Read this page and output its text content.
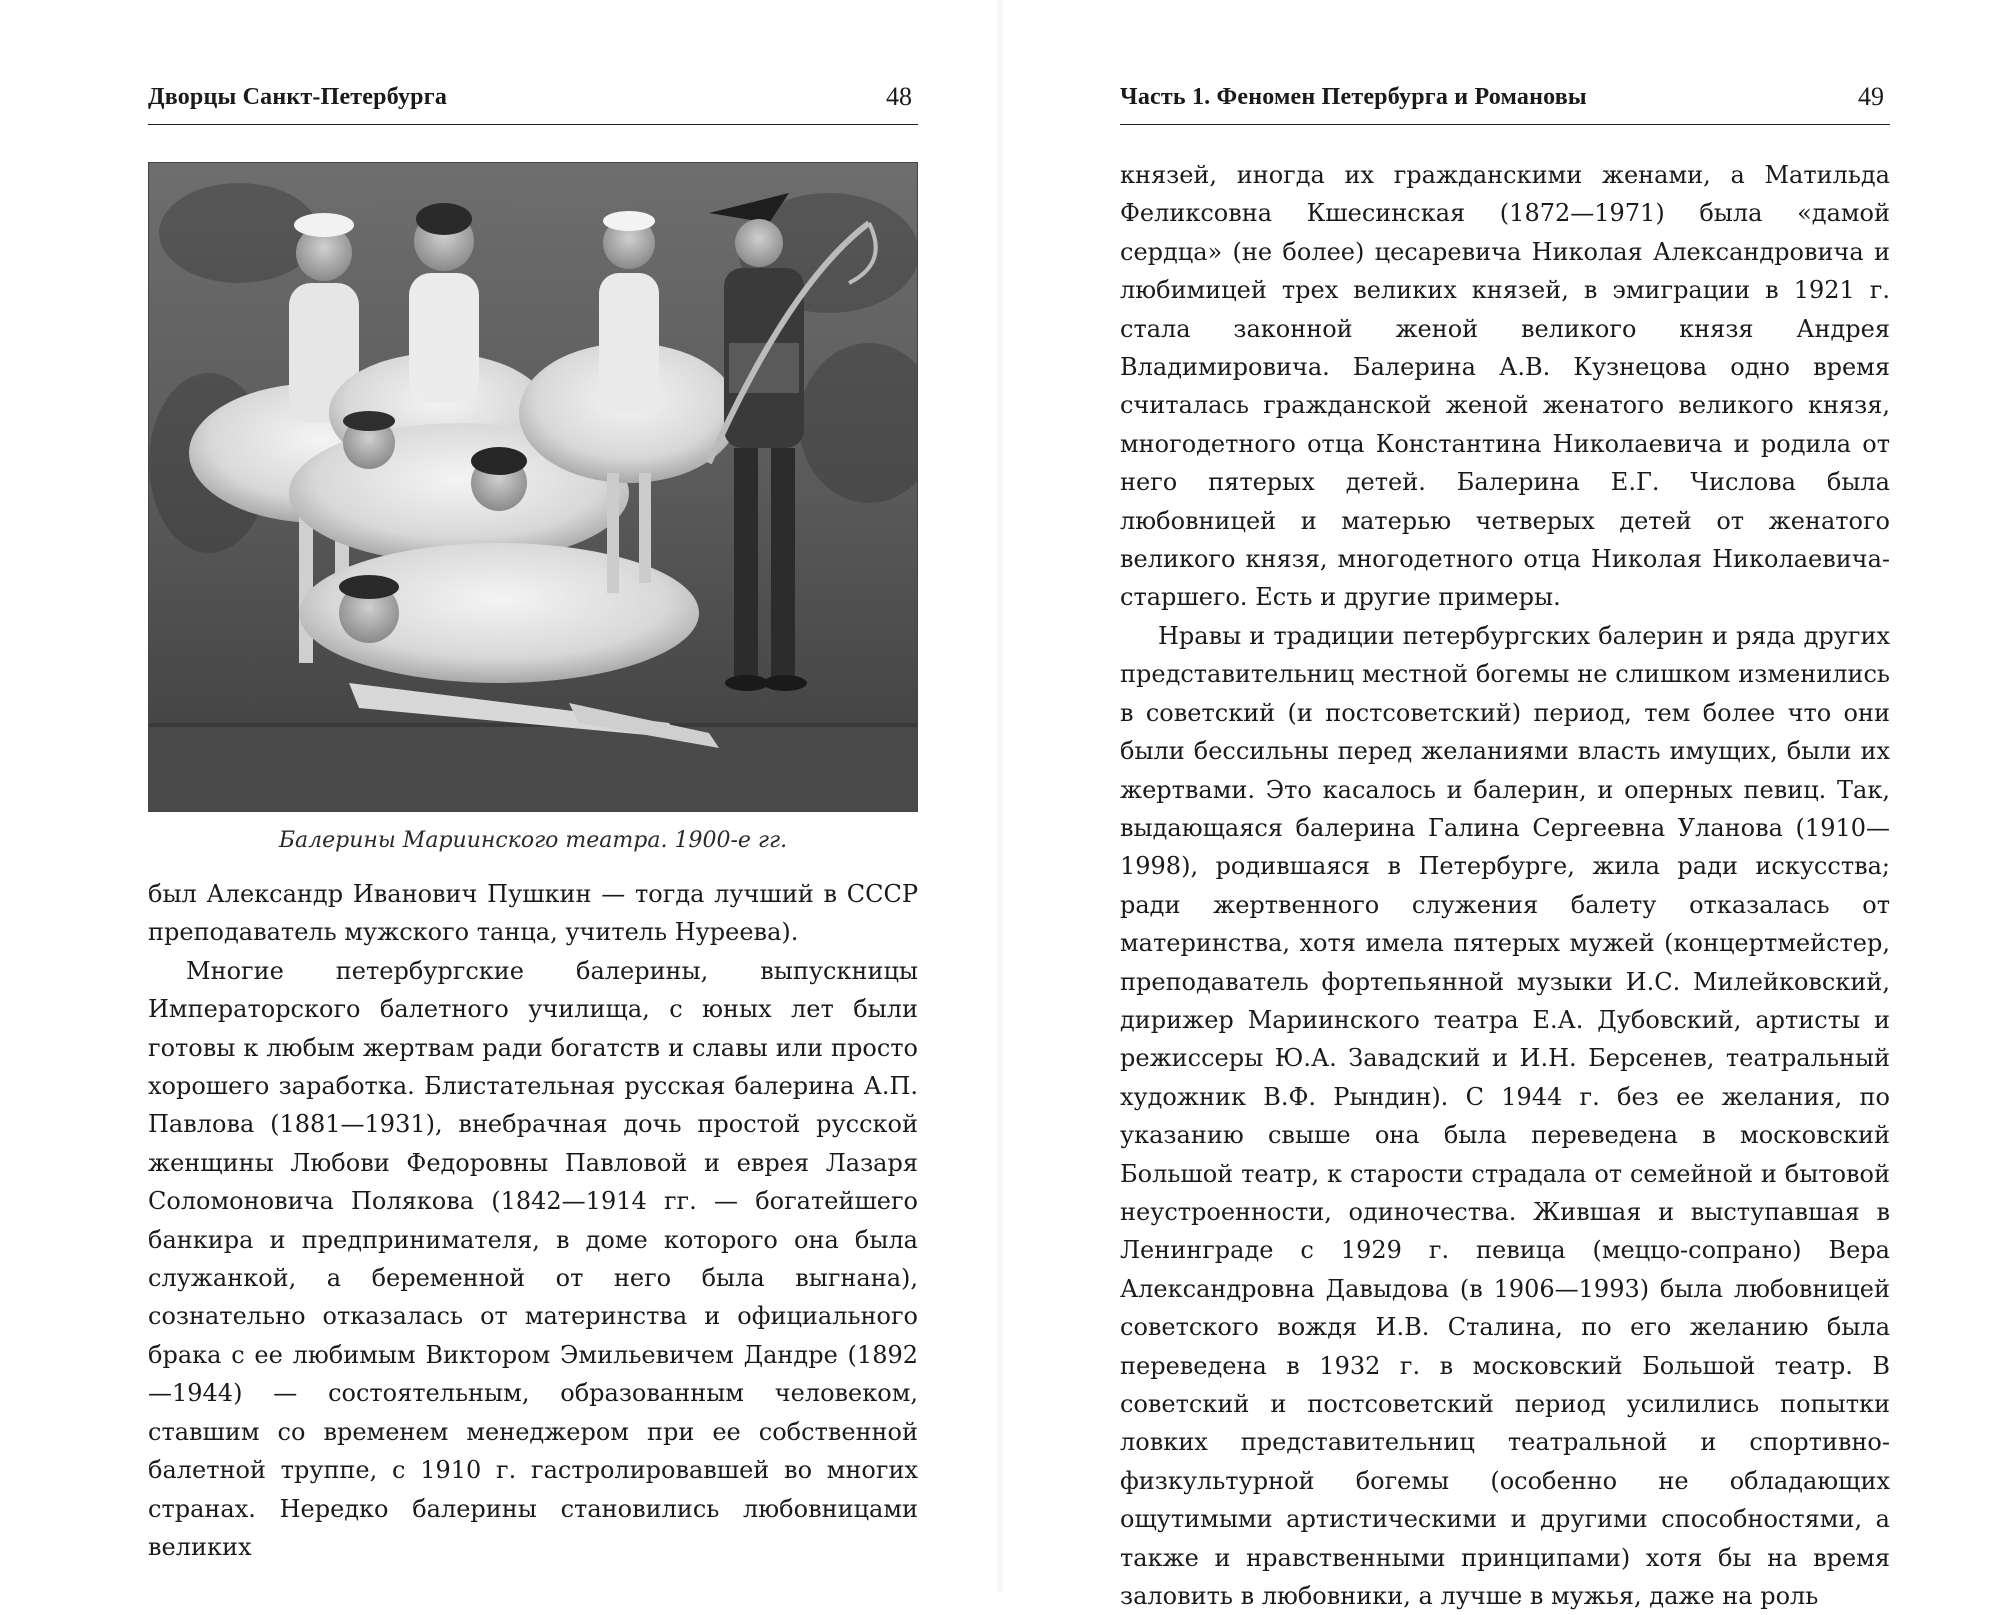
Дворцы Санкт-Петербурга	48
Балерины Мариинского театра. 1900-е гг.

был Александр Иванович Пушкин — тогда лучший в СССР преподаватель мужского танца, учитель Нуреева).

Многие петербургские балерины, выпускницы Императорского балетного училища, с юных лет были готовы к любым жертвам ради богатств и славы или просто хорошего заработка. Блистательная русская балерина А.П. Павлова (1881—1931), внебрачная дочь простой русской женщины Любови Федоровны Павловой и еврея Лазаря Соломоновича Полякова (1842—1914 гг. — богатейшего банкира и предпринимателя, в доме которого она была служанкой, а беременной от него была выгнана), сознательно отказалась от материнства и официального брака с ее любимым Виктором Эмильевичем Дандре (1892—1944) — состоятельным, образованным человеком, ставшим со временем менеджером при ее собственной балетной труппе, с 1910 г. гастролировавшей во многих странах. Нередко балерины становились любовницами великих

Часть 1. Феномен Петербурга и Романовы	49

князей, иногда их гражданскими женами, а Матильда Феликсовна Кшесинская (1872—1971) была «дамой сердца» (не более) цесаревича Николая Александровича и любимицей трех великих князей, в эмиграции в 1921 г. стала законной женой великого князя Андрея Владимировича. Балерина А.В. Кузнецова одно время считалась гражданской женой женатого великого князя, многодетного отца Константина Николаевича и родила от него пятерых детей. Балерина Е.Г. Числова была любовницей и матерью четверых детей от женатого великого князя, многодетного отца Николая Николаевича-старшего. Есть и другие примеры.

Нравы и традиции петербургских балерин и ряда других представительниц местной богемы не слишком изменились в советский (и постсоветский) период, тем более что они были бессильны перед желаниями власть имущих, были их жертвами. Это касалось и балерин, и оперных певиц. Так, выдающаяся балерина Галина Сергеевна Уланова (1910—1998), родившаяся в Петербурге, жила ради искусства; ради жертвенного служения балету отказалась от материнства, хотя имела пятерых мужей (концертмейстер, преподаватель фортепьянной музыки И.С. Милейковский, дирижер Мариинского театра Е.А. Дубовский, артисты и режиссеры Ю.А. Завадский и И.Н. Берсенев, театральный художник В.Ф. Рындин). С 1944 г. без ее желания, по указанию свыше она была переведена в московский Большой театр, к старости страдала от семейной и бытовой неустроенности, одиночества. Жившая и выступавшая в Ленинграде с 1929 г. певица (меццо-сопрано) Вера Александровна Давыдова (в 1906—1993) была любовницей советского вождя И.В. Сталина, по его желанию была переведена в 1932 г. в московский Большой театр. В советский и постсоветский период усилились попытки ловких представительниц театральной и спортивно-физкультурной богемы (особенно не обладающих ощутимыми артистическими и другими способностями, а также и нравственными принципами) хотя бы на время заловить в любовники, а лучше в мужья, даже на роль
